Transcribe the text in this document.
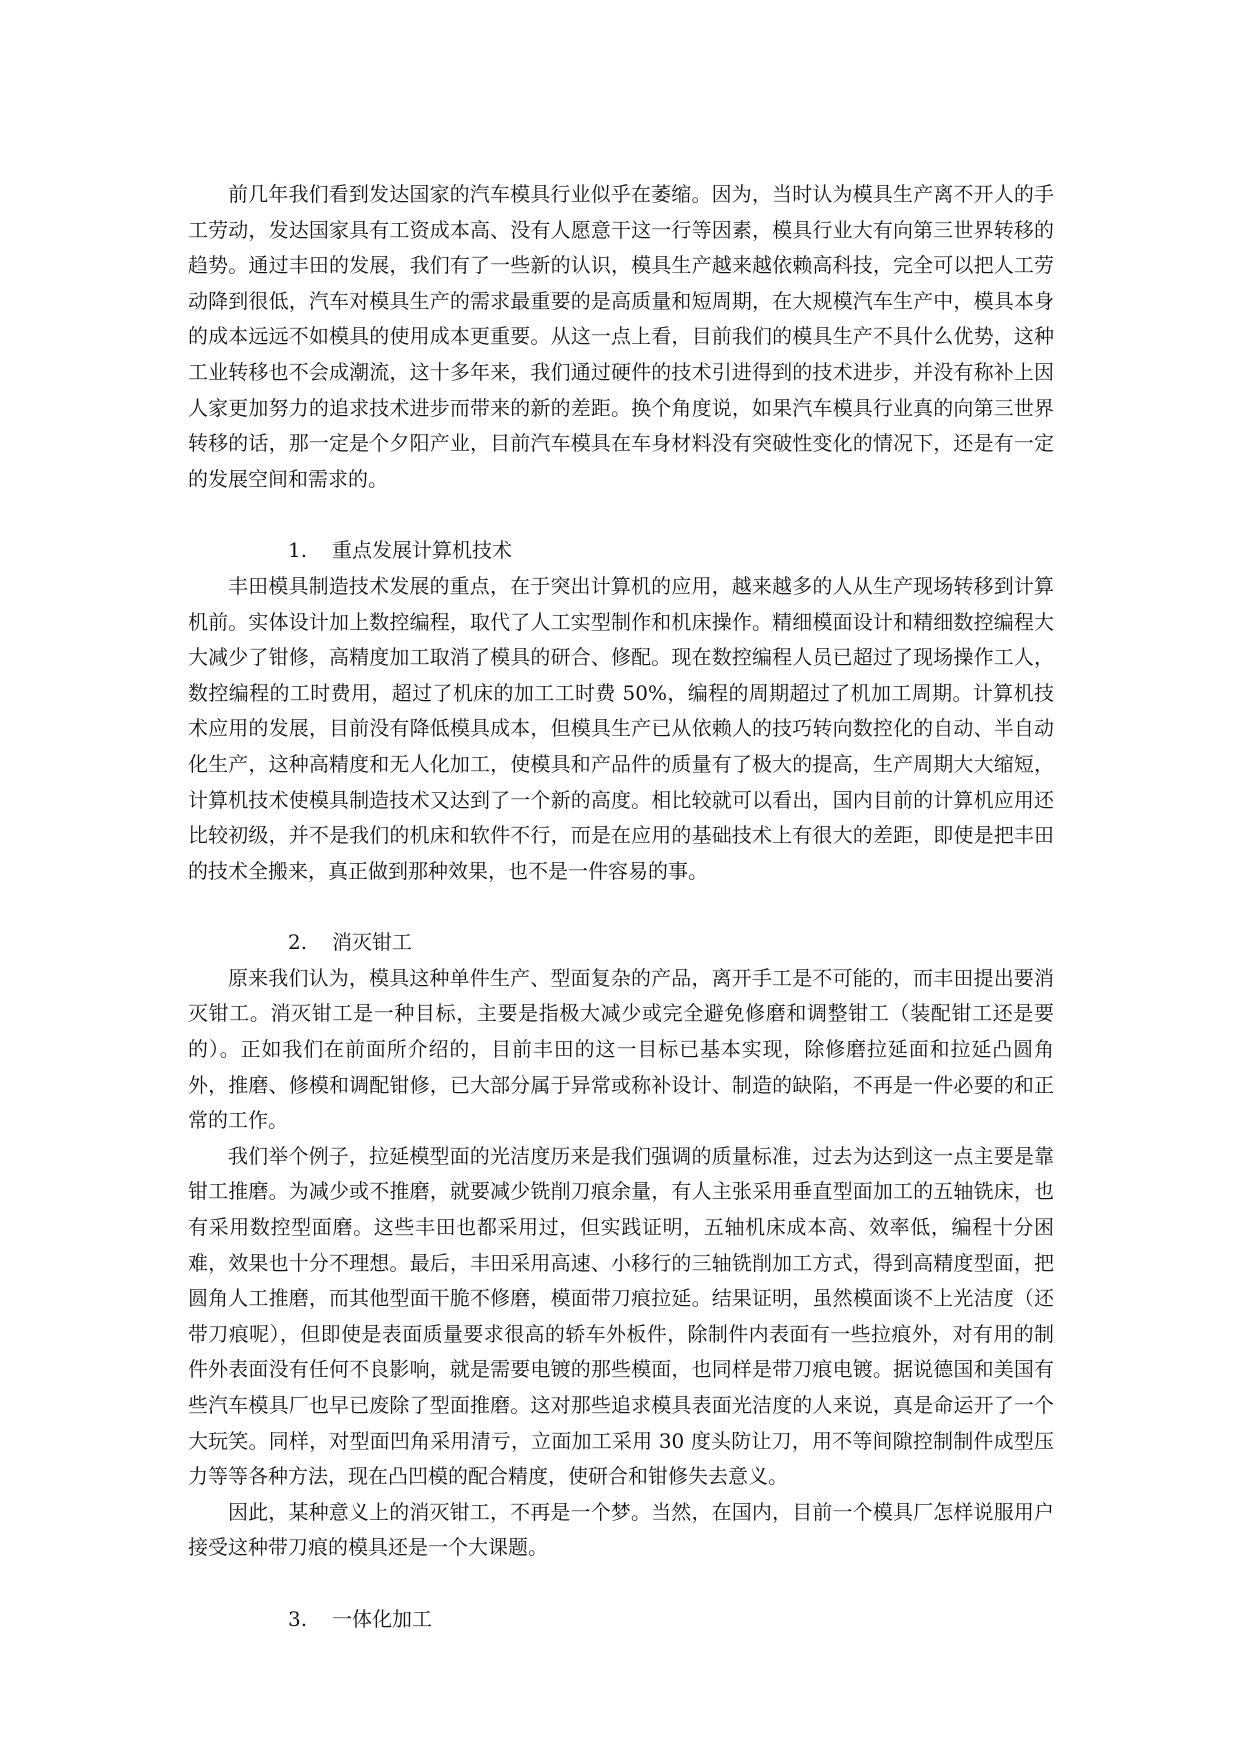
前几年我们看到发达国家的汽车模具行业似乎在萎缩。因为，当时认为模具生产离不开人的手工劳动，发达国家具有工资成本高、没有人愿意干这一行等因素，模具行业大有向第三世界转移的趋势。通过丰田的发展，我们有了一些新的认识，模具生产越来越依赖高科技，完全可以把人工劳动降到很低，汽车对模具生产的需求最重要的是高质量和短周期，在大规模汽车生产中，模具本身的成本远远不如模具的使用成本更重要。从这一点上看，目前我们的模具生产不具什么优势，这种工业转移也不会成潮流，这十多年来，我们通过硬件的技术引进得到的技术进步，并没有称补上因人家更加努力的追求技术进步而带来的新的差距。换个角度说，如果汽车模具行业真的向第三世界转移的话，那一定是个夕阳产业，目前汽车模具在车身材料没有突破性变化的情况下，还是有一定的发展空间和需求的。

1. 重点发展计算机技术

丰田模具制造技术发展的重点，在于突出计算机的应用，越来越多的人从生产现场转移到计算机前。实体设计加上数控编程，取代了人工实型制作和机床操作。精细模面设计和精细数控编程大大减少了钳修，高精度加工取消了模具的研合、修配。现在数控编程人员已超过了现场操作工人，数控编程的工时费用，超过了机床的加工工时费 50%，编程的周期超过了机加工周期。计算机技术应用的发展，目前没有降低模具成本，但模具生产已从依赖人的技巧转向数控化的自动、半自动化生产，这种高精度和无人化加工，使模具和产品件的质量有了极大的提高，生产周期大大缩短，计算机技术使模具制造技术又达到了一个新的高度。相比较就可以看出，国内目前的计算机应用还比较初级，并不是我们的机床和软件不行，而是在应用的基础技术上有很大的差距，即使是把丰田的技术全搬来，真正做到那种效果，也不是一件容易的事。

2. 消灭钳工

原来我们认为，模具这种单件生产、型面复杂的产品，离开手工是不可能的，而丰田提出要消灭钳工。消灭钳工是一种目标，主要是指极大减少或完全避免修磨和调整钳工（装配钳工还是要的）。正如我们在前面所介绍的，目前丰田的这一目标已基本实现，除修磨拉延面和拉延凸圆角外，推磨、修模和调配钳修，已大部分属于异常或称补设计、制造的缺陷，不再是一件必要的和正常的工作。

我们举个例子，拉延模型面的光洁度历来是我们强调的质量标准，过去为达到这一点主要是靠钳工推磨。为减少或不推磨，就要减少铣削刀痕余量，有人主张采用垂直型面加工的五轴铣床，也有采用数控型面磨。这些丰田也都采用过，但实践证明，五轴机床成本高、效率低，编程十分困难，效果也十分不理想。最后，丰田采用高速、小移行的三轴铣削加工方式，得到高精度型面，把圆角人工推磨，而其他型面干脆不修磨，模面带刀痕拉延。结果证明，虽然模面谈不上光洁度（还带刀痕呢），但即使是表面质量要求很高的轿车外板件，除制件内表面有一些拉痕外，对有用的制件外表面没有任何不良影响，就是需要电镀的那些模面，也同样是带刀痕电镀。据说德国和美国有些汽车模具厂也早已废除了型面推磨。这对那些追求模具表面光洁度的人来说，真是命运开了一个大玩笑。同样，对型面凹角采用清亏，立面加工采用 30 度头防让刀，用不等间隙控制制件成型压力等等各种方法，现在凸凹模的配合精度，使研合和钳修失去意义。

因此，某种意义上的消灭钳工，不再是一个梦。当然，在国内，目前一个模具厂怎样说服用户接受这种带刀痕的模具还是一个大课题。

3. 一体化加工
